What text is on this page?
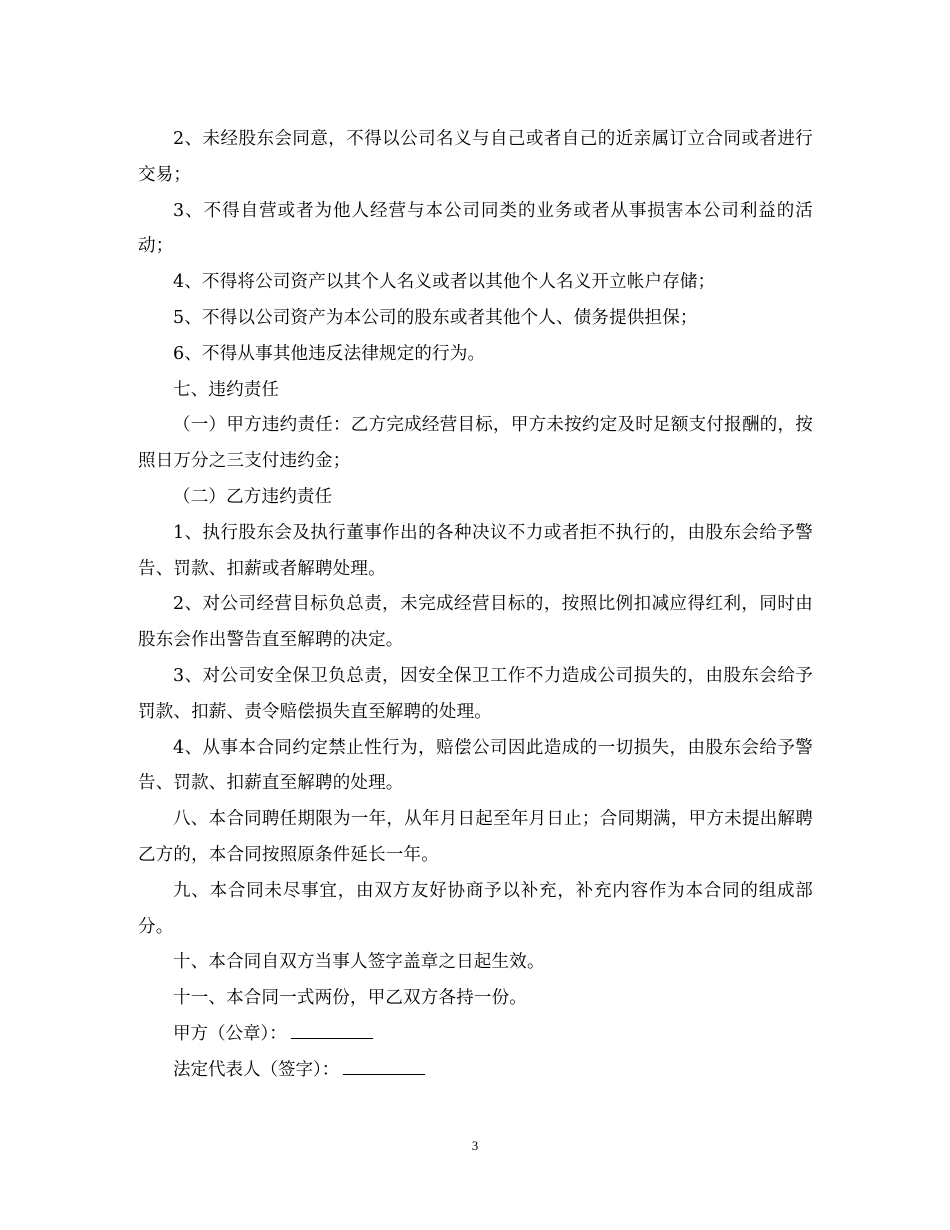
2、未经股东会同意，不得以公司名义与自己或者自己的近亲属订立合同或者进行交易；

3、不得自营或者为他人经营与本公司同类的业务或者从事损害本公司利益的活动；

4、不得将公司资产以其个人名义或者以其他个人名义开立帐户存储；

5、不得以公司资产为本公司的股东或者其他个人、债务提供担保；

6、不得从事其他违反法律规定的行为。

七、违约责任

（一）甲方违约责任：乙方完成经营目标，甲方未按约定及时足额支付报酬的，按照日万分之三支付违约金；

（二）乙方违约责任

1、执行股东会及执行董事作出的各种决议不力或者拒不执行的，由股东会给予警告、罚款、扣薪或者解聘处理。

2、对公司经营目标负总责，未完成经营目标的，按照比例扣减应得红利，同时由股东会作出警告直至解聘的决定。

3、对公司安全保卫负总责，因安全保卫工作不力造成公司损失的，由股东会给予罚款、扣薪、责令赔偿损失直至解聘的处理。

4、从事本合同约定禁止性行为，赔偿公司因此造成的一切损失，由股东会给予警告、罚款、扣薪直至解聘的处理。

八、本合同聘任期限为一年，从年月日起至年月日止；合同期满，甲方未提出解聘乙方的，本合同按照原条件延长一年。

九、本合同未尽事宜，由双方友好协商予以补充，补充内容作为本合同的组成部分。

十、本合同自双方当事人签字盖章之日起生效。

十一、本合同一式两份，甲乙双方各持一份。

甲方（公章）：

法定代表人（签字）：

3
